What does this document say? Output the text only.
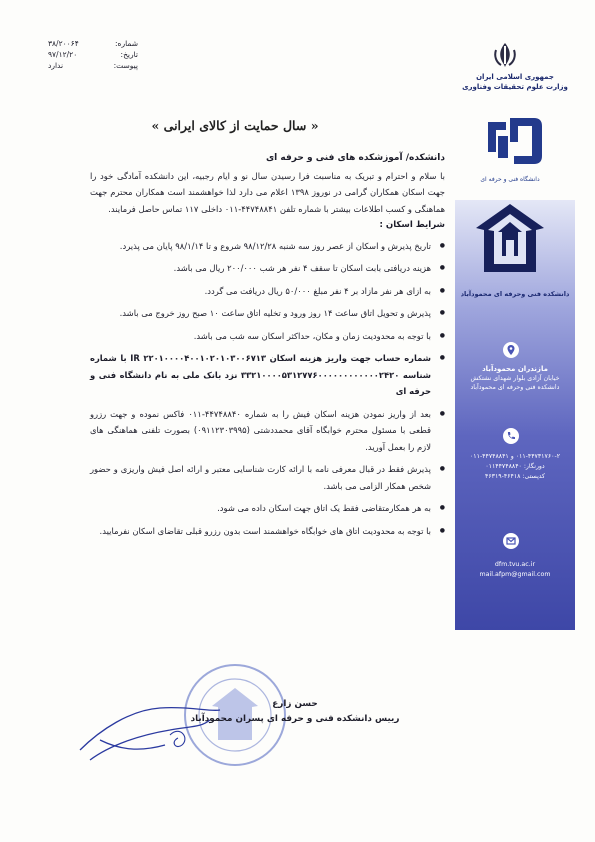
شماره:
۳۸/۲۰۰۶۴
تاریخ:
۹۷/۱۲/۲۰
پیوست:
ندارد
جمهوری اسلامی ایران
وزارت علوم تحقیقات وفناوری
دانشگاه فنی و حرفه ای
دانشکده فنی وحرفه ای محمودآباد
مازندران محمودآباد
خیابان آزادی بلوار شهدای نشتکش
دانشکده فنی وحرفه ای محمودآباد
۰۱۱-۴۴۷۳۱۷۶۰-۲ و ۴۴۷۴۸۸۴۱-۰۱۱
دورنگار: ۰۱۱۴۴۷۴۸۸۴۰
کدپستی: ۴۶۴۱۸-۴۶۳۱۹
dfm.tvu.ac.ir
mail.afpm@gmail.com
« سال حمایت از کالای ایرانی »
دانشکده/ آموزشکده های فنی و حرفه ای

با سلام و احترام و تبریک به مناسبت فرا رسیدن سال نو و ایام رجبیه، این دانشکده آمادگی خود را جهت اسکان همکاران گرامی در نوروز ۱۳۹۸ اعلام می دارد لذا خواهشمند است همکاران محترم جهت هماهنگی و کسب اطلاعات بیشتر با شماره تلفن ۴۴۷۴۸۸۴۱-۰۱۱ داخلی ۱۱۷ تماس حاصل فرمایند.

شرایط اسکان :
● تاریخ پذیرش و اسکان از عصر روز سه شنبه ۹۸/۱۲/۲۸ شروع و تا ۹۸/۱/۱۴ پایان می پذیرد.
● هزینه دریافتی بابت اسکان تا سقف ۴ نفر هر شب ۲۰۰/۰۰۰ ریال می باشد.
● به ازای هر نفر مازاد بر ۴ نفر مبلغ ۵۰/۰۰۰ ریال دریافت می گردد.
● پذیرش و تحویل اتاق ساعت ۱۴ روز ورود و تخلیه اتاق ساعت ۱۰ صبح روز خروج می باشد.
● با توجه به محدودیت زمان و مکان، حداکثر اسکان سه شب می باشد.
● شماره حساب جهت واریز هزینه اسکان IR ۲۲۰۱۰۰۰۰۴۰۰۱۰۲۰۱۰۳۰۰۶۷۱۳ با شماره شناسه ۳۳۲۱۰۰۰۰۵۳۱۲۷۷۶۰۰۰۰۰۰۰۰۰۰۰۰۲۴۲۰ نزد بانک ملی به نام دانشگاه فنی و حرفه ای
● بعد از واریز نمودن هزینه اسکان فیش را به شماره ۴۴۷۴۸۸۴۰-۰۱۱ فاکس نموده و جهت رزرو قطعی با مسئول محترم خوابگاه آقای محمددشتی (۰۹۱۱۲۳۰۳۹۹۵) بصورت تلفنی هماهنگی های لازم را بعمل آورید.
● پذیرش فقط در قبال معرفی نامه با ارائه کارت شناسایی معتبر و ارائه اصل فیش واریزی و حضور شخص همکار الزامی می باشد.
● به هر همکارمتقاضی فقط یک اتاق جهت اسکان داده می شود.
● با توجه به محدودیت اتاق های خوابگاه خواهشمند است بدون رزرو قبلی تقاضای اسکان نفرمایید.
حسن زارع
رییس دانشکده فنی و حرفه ای پسران محمودآباد
